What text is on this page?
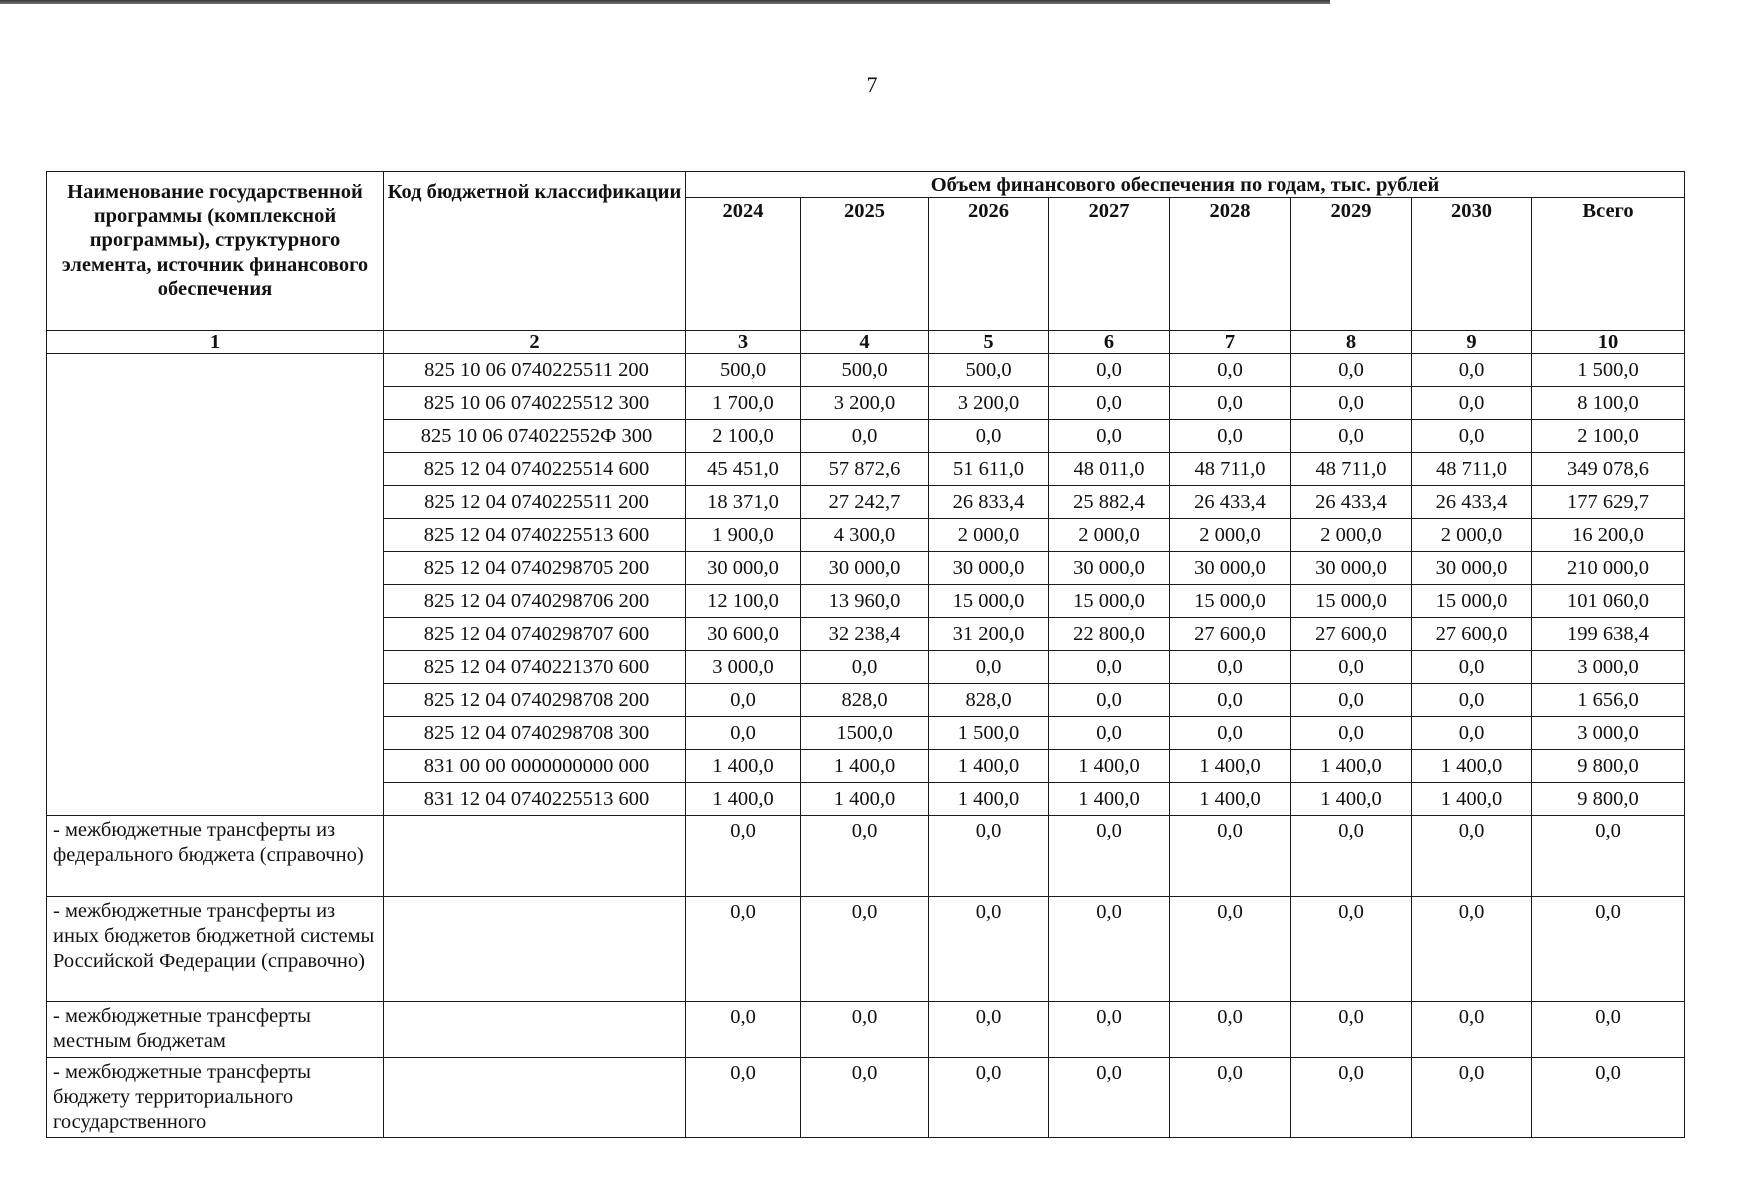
7
Наименование государственной программы (комплексной программы), структурного элемента, источник финансового обеспечения	Код бюджетной классификации	Объем финансового обеспечения по годам, тыс. рублей							
		2024	2025	2026	2027	2028	2029	2030	Всего
1	2	3	4	5	6	7	8	9	10
	825 10 06 0740225511 200	500,0	500,0	500,0	0,0	0,0	0,0	0,0	1 500,0
	825 10 06 0740225512 300	1 700,0	3 200,0	3 200,0	0,0	0,0	0,0	0,0	8 100,0
	825 10 06 074022552Ф 300	2 100,0	0,0	0,0	0,0	0,0	0,0	0,0	2 100,0
	825 12 04 0740225514 600	45 451,0	57 872,6	51 611,0	48 011,0	48 711,0	48 711,0	48 711,0	349 078,6
	825 12 04 0740225511 200	18 371,0	27 242,7	26 833,4	25 882,4	26 433,4	26 433,4	26 433,4	177 629,7
	825 12 04 0740225513 600	1 900,0	4 300,0	2 000,0	2 000,0	2 000,0	2 000,0	2 000,0	16 200,0
	825 12 04 0740298705 200	30 000,0	30 000,0	30 000,0	30 000,0	30 000,0	30 000,0	30 000,0	210 000,0
	825 12 04 0740298706 200	12 100,0	13 960,0	15 000,0	15 000,0	15 000,0	15 000,0	15 000,0	101 060,0
	825 12 04 0740298707 600	30 600,0	32 238,4	31 200,0	22 800,0	27 600,0	27 600,0	27 600,0	199 638,4
	825 12 04 0740221370 600	3 000,0	0,0	0,0	0,0	0,0	0,0	0,0	3 000,0
	825 12 04 0740298708 200	0,0	828,0	828,0	0,0	0,0	0,0	0,0	1 656,0
	825 12 04 0740298708 300	0,0	1500,0	1 500,0	0,0	0,0	0,0	0,0	3 000,0
	831 00 00 0000000000 000	1 400,0	1 400,0	1 400,0	1 400,0	1 400,0	1 400,0	1 400,0	9 800,0
	831 12 04 0740225513 600	1 400,0	1 400,0	1 400,0	1 400,0	1 400,0	1 400,0	1 400,0	9 800,0
- межбюджетные трансферты из федерального бюджета (справочно)		0,0	0,0	0,0	0,0	0,0	0,0	0,0	0,0
- межбюджетные трансферты из иных бюджетов бюджетной системы Российской Федерации (справочно)		0,0	0,0	0,0	0,0	0,0	0,0	0,0	0,0
- межбюджетные трансферты местным бюджетам		0,0	0,0	0,0	0,0	0,0	0,0	0,0	0,0
- межбюджетные трансферты бюджету территориального государственного		0,0	0,0	0,0	0,0	0,0	0,0	0,0	0,0
